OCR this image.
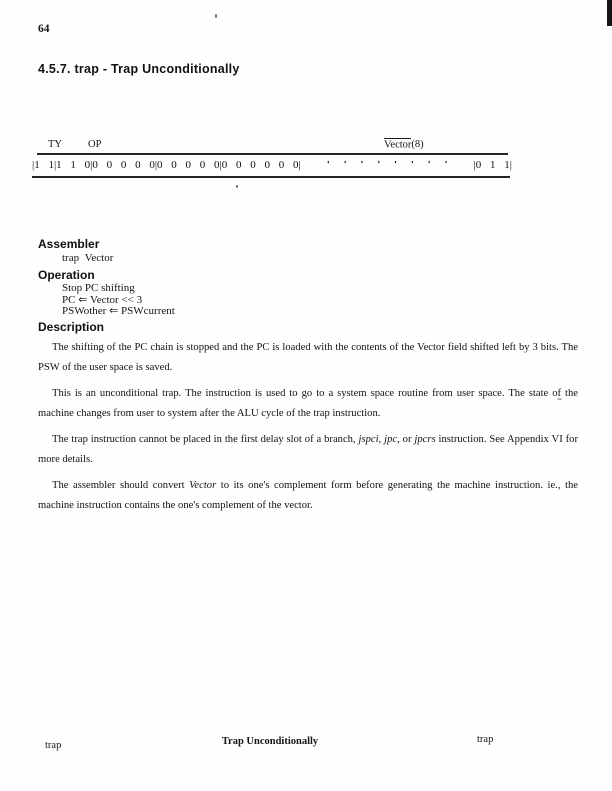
64
4.5.7. trap - Trap Unconditionally
TY OP	Vector(8)
|1 1|1 1 0|0 0 0 0 0|0 0 0 0 0|0 0 0 0 0 0| ' ' ' ' ' ' ' ' |0 1 1|
Assembler
trap Vector
Operation
Stop PC shifting
PC ⇐ Vector << 3
PSWother ⇐ PSWcurrent
Description

The shifting of the PC chain is stopped and the PC is loaded with the contents of the Vector field shifted left by 3 bits. The PSW of the user space is saved.

This is an unconditional trap. The instruction is used to go to a system space routine from user space. The state of the machine changes from user to system after the ALU cycle of the trap instruction.

The trap instruction cannot be placed in the first delay slot of a branch, jspci, jpc, or jpcrs instruction. See Appendix VI for more details.

The assembler should convert Vector to its one's complement form before generating the machine instruction. ie., the machine instruction contains the one's complement of the vector.

trap	Trap Unconditionally	trap
